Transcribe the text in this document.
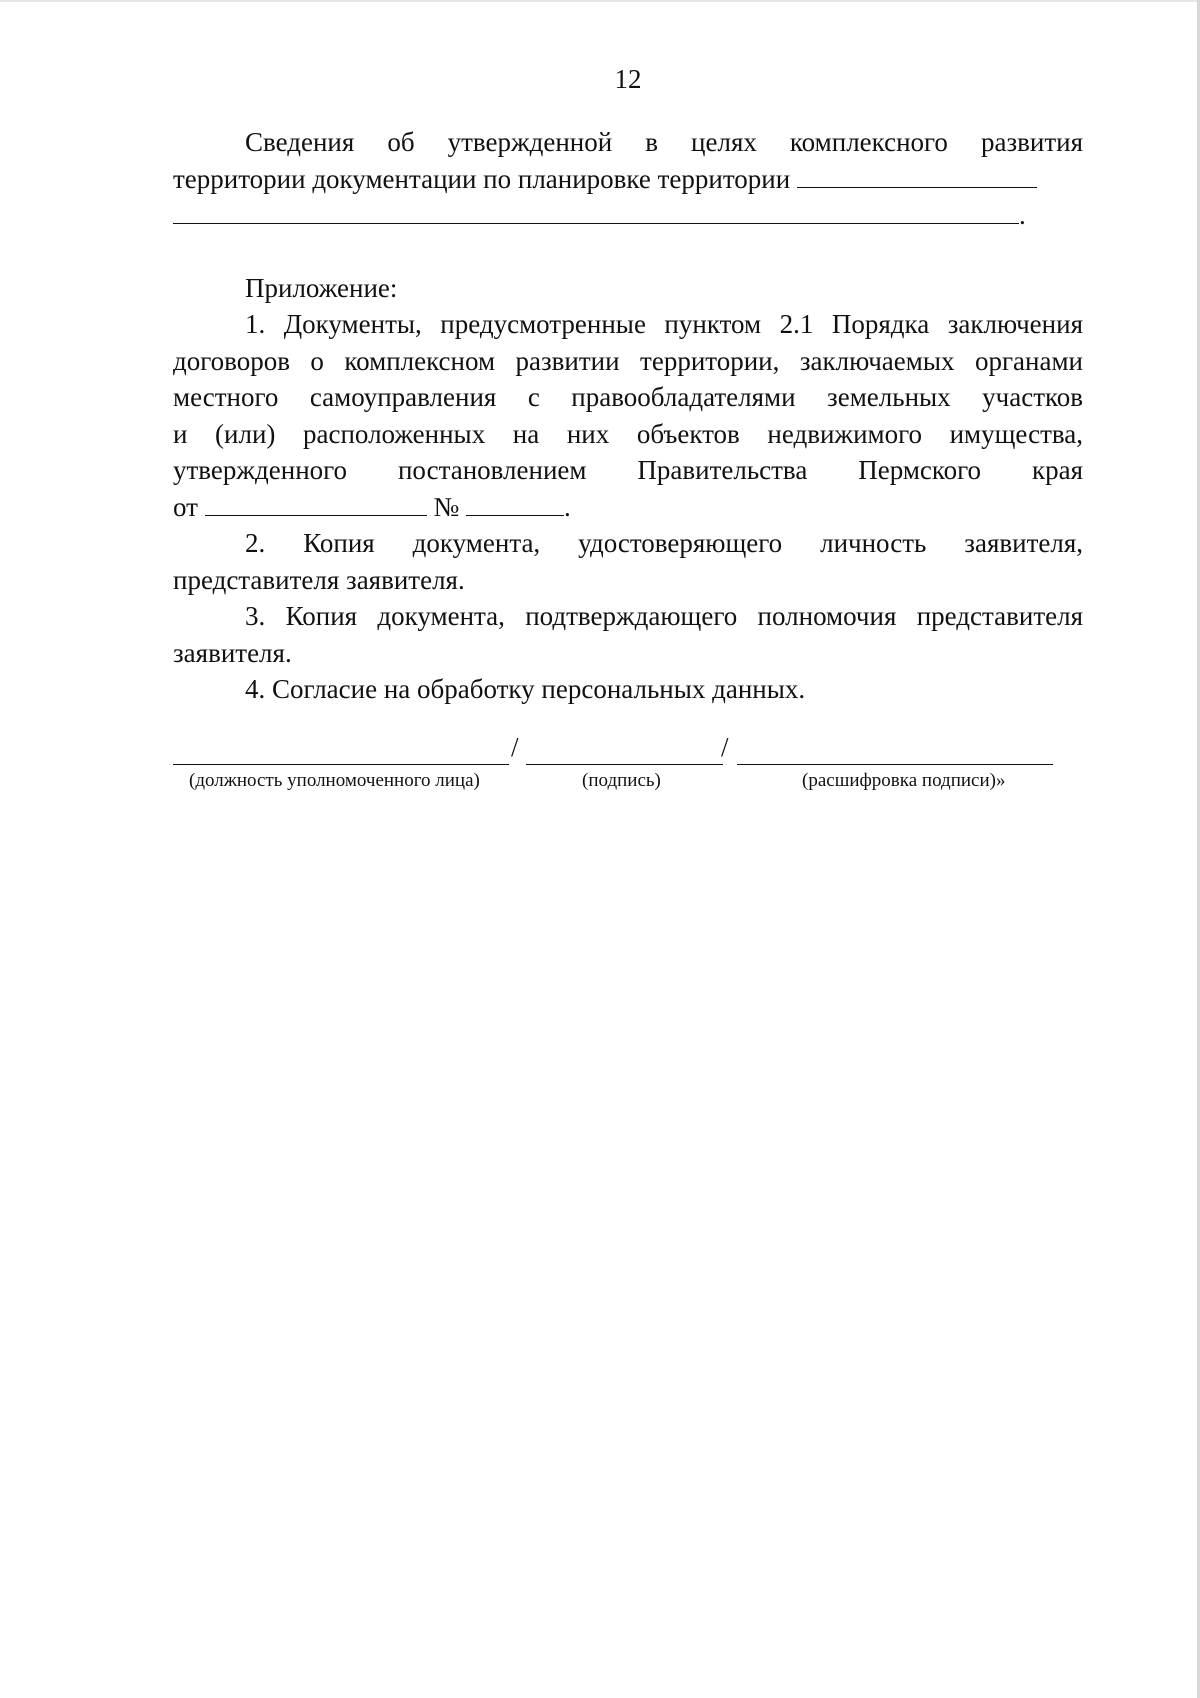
12

Сведения об утвержденной в целях комплексного развития

территории документации по планировке территории

.

Приложение:

1. Документы, предусмотренные пунктом 2.1 Порядка заключения

договоров о комплексном развитии территории, заключаемых органами

местного самоуправления с правообладателями земельных участков

и (или) расположенных на них объектов недвижимого имущества,

утвержденного постановлением Правительства Пермского края

от	№	.

2. Копия документа, удостоверяющего личность заявителя,

представителя заявителя.

3. Копия документа, подтверждающего полномочия представителя

заявителя.

4. Согласие на обработку персональных данных.

/	/
(должность уполномоченного лица)	(подпись)	(расшифровка подписи)»
